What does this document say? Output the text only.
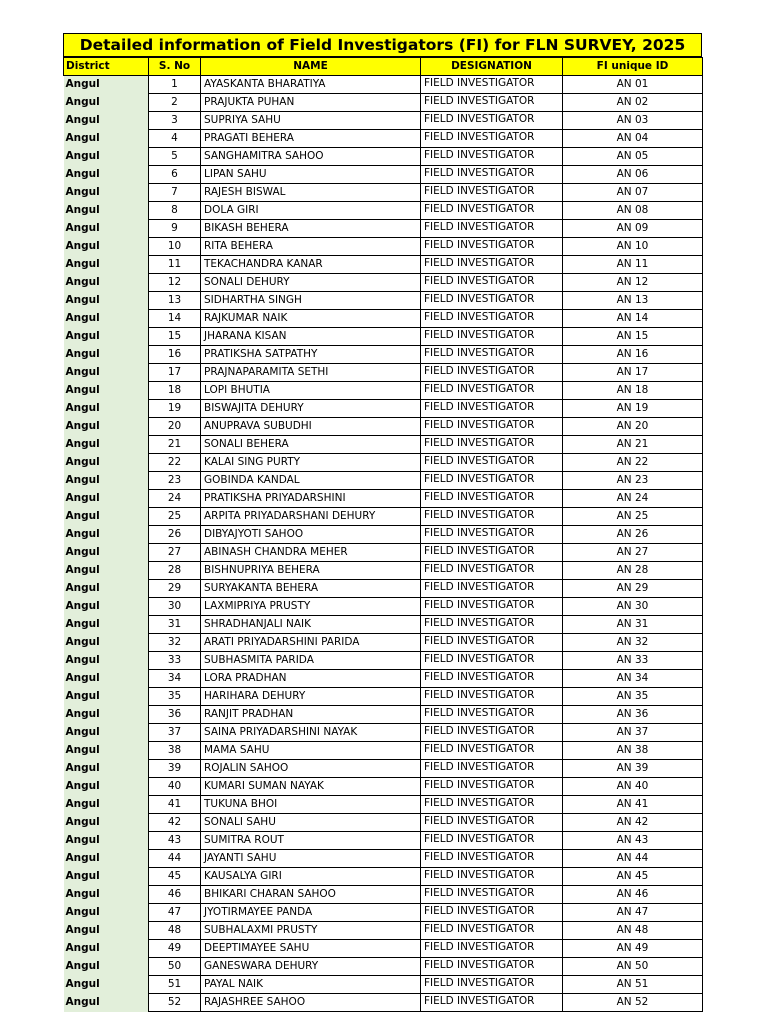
Detailed information of Field Investigators (FI) for FLN SURVEY, 2025
District	S. No	NAME	DESIGNATION	FI unique ID
Angul	1	AYASKANTA BHARATIYA	FIELD INVESTIGATOR	AN 01
Angul	2	PRAJUKTA PUHAN	FIELD INVESTIGATOR	AN 02
Angul	3	SUPRIYA SAHU	FIELD INVESTIGATOR	AN 03
Angul	4	PRAGATI BEHERA	FIELD INVESTIGATOR	AN 04
Angul	5	SANGHAMITRA SAHOO	FIELD INVESTIGATOR	AN 05
Angul	6	LIPAN SAHU	FIELD INVESTIGATOR	AN 06
Angul	7	RAJESH BISWAL	FIELD INVESTIGATOR	AN 07
Angul	8	DOLA GIRI	FIELD INVESTIGATOR	AN 08
Angul	9	BIKASH BEHERA	FIELD INVESTIGATOR	AN 09
Angul	10	RITA BEHERA	FIELD INVESTIGATOR	AN 10
Angul	11	TEKACHANDRA KANAR	FIELD INVESTIGATOR	AN 11
Angul	12	SONALI DEHURY	FIELD INVESTIGATOR	AN 12
Angul	13	SIDHARTHA SINGH	FIELD INVESTIGATOR	AN 13
Angul	14	RAJKUMAR NAIK	FIELD INVESTIGATOR	AN 14
Angul	15	JHARANA KISAN	FIELD INVESTIGATOR	AN 15
Angul	16	PRATIKSHA SATPATHY	FIELD INVESTIGATOR	AN 16
Angul	17	PRAJNAPARAMITA SETHI	FIELD INVESTIGATOR	AN 17
Angul	18	LOPI BHUTIA	FIELD INVESTIGATOR	AN 18
Angul	19	BISWAJITA DEHURY	FIELD INVESTIGATOR	AN 19
Angul	20	ANUPRAVA SUBUDHI	FIELD INVESTIGATOR	AN 20
Angul	21	SONALI BEHERA	FIELD INVESTIGATOR	AN 21
Angul	22	KALAI SING PURTY	FIELD INVESTIGATOR	AN 22
Angul	23	GOBINDA KANDAL	FIELD INVESTIGATOR	AN 23
Angul	24	PRATIKSHA PRIYADARSHINI	FIELD INVESTIGATOR	AN 24
Angul	25	ARPITA PRIYADARSHANI DEHURY	FIELD INVESTIGATOR	AN 25
Angul	26	DIBYAJYOTI SAHOO	FIELD INVESTIGATOR	AN 26
Angul	27	ABINASH CHANDRA MEHER	FIELD INVESTIGATOR	AN 27
Angul	28	BISHNUPRIYA BEHERA	FIELD INVESTIGATOR	AN 28
Angul	29	SURYAKANTA BEHERA	FIELD INVESTIGATOR	AN 29
Angul	30	LAXMIPRIYA PRUSTY	FIELD INVESTIGATOR	AN 30
Angul	31	SHRADHANJALI NAIK	FIELD INVESTIGATOR	AN 31
Angul	32	ARATI PRIYADARSHINI PARIDA	FIELD INVESTIGATOR	AN 32
Angul	33	SUBHASMITA PARIDA	FIELD INVESTIGATOR	AN 33
Angul	34	LORA PRADHAN	FIELD INVESTIGATOR	AN 34
Angul	35	HARIHARA DEHURY	FIELD INVESTIGATOR	AN 35
Angul	36	RANJIT PRADHAN	FIELD INVESTIGATOR	AN 36
Angul	37	SAINA PRIYADARSHINI NAYAK	FIELD INVESTIGATOR	AN 37
Angul	38	MAMA SAHU	FIELD INVESTIGATOR	AN 38
Angul	39	ROJALIN SAHOO	FIELD INVESTIGATOR	AN 39
Angul	40	KUMARI SUMAN NAYAK	FIELD INVESTIGATOR	AN 40
Angul	41	TUKUNA BHOI	FIELD INVESTIGATOR	AN 41
Angul	42	SONALI SAHU	FIELD INVESTIGATOR	AN 42
Angul	43	SUMITRA ROUT	FIELD INVESTIGATOR	AN 43
Angul	44	JAYANTI SAHU	FIELD INVESTIGATOR	AN 44
Angul	45	KAUSALYA GIRI	FIELD INVESTIGATOR	AN 45
Angul	46	BHIKARI CHARAN SAHOO	FIELD INVESTIGATOR	AN 46
Angul	47	JYOTIRMAYEE PANDA	FIELD INVESTIGATOR	AN 47
Angul	48	SUBHALAXMI PRUSTY	FIELD INVESTIGATOR	AN 48
Angul	49	DEEPTIMAYEE SAHU	FIELD INVESTIGATOR	AN 49
Angul	50	GANESWARA DEHURY	FIELD INVESTIGATOR	AN 50
Angul	51	PAYAL NAIK	FIELD INVESTIGATOR	AN 51
Angul	52	RAJASHREE SAHOO	FIELD INVESTIGATOR	AN 52
